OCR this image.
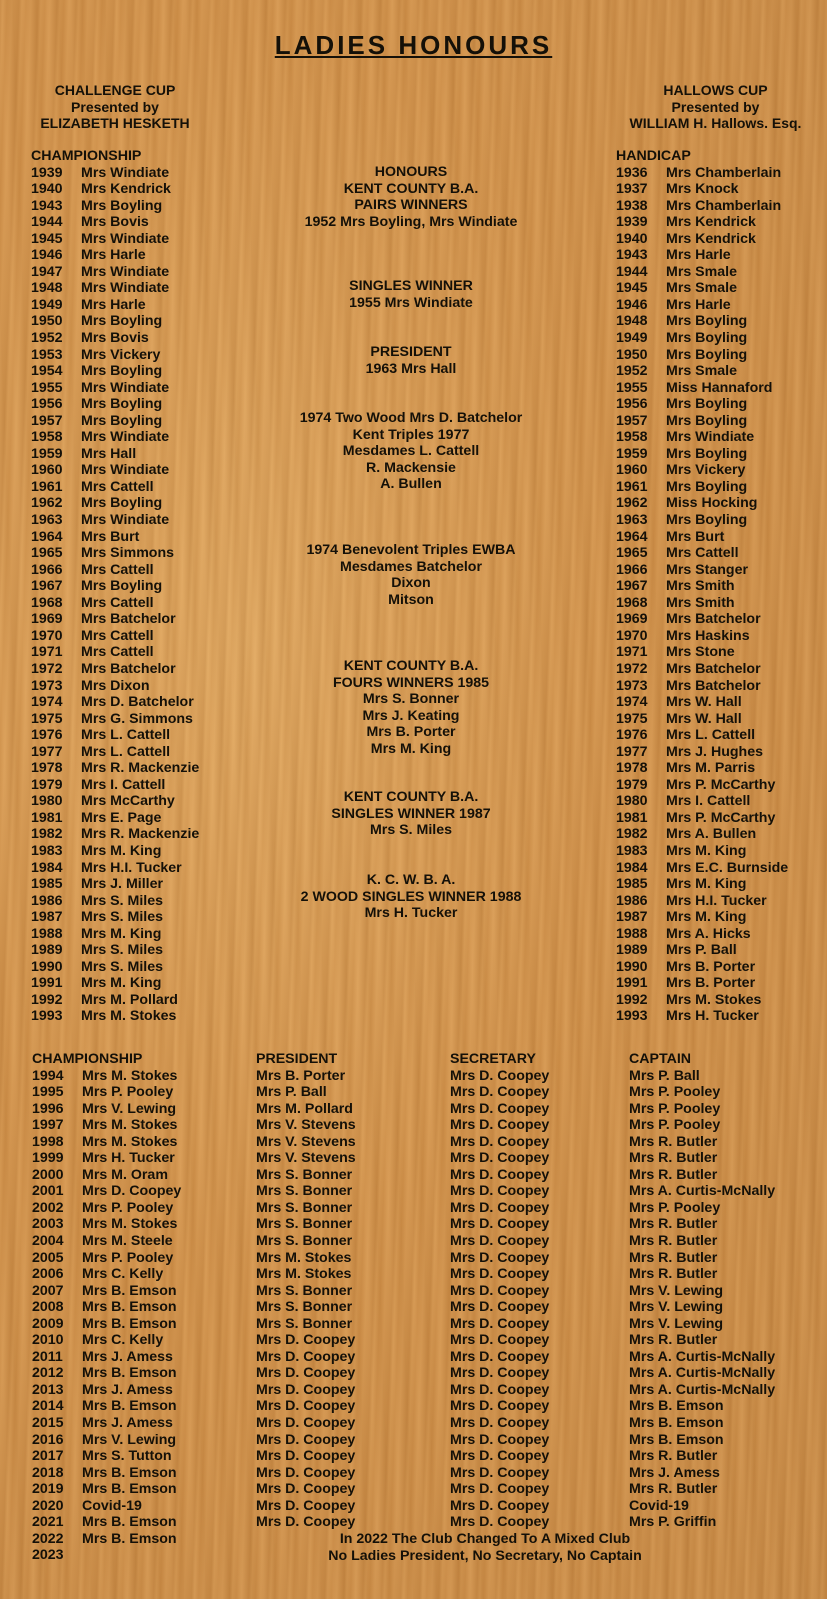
LADIES HONOURS
CHALLENGE CUP
Presented by
ELIZABETH HESKETH
HALLOWS CUP
Presented by
WILLIAM H. Hallows. Esq.
CHAMPIONSHIP
1939 Mrs Windiate
1940 Mrs Kendrick
1943 Mrs Boyling
1944 Mrs Bovis
1945 Mrs Windiate
1946 Mrs Harle
1947 Mrs Windiate
1948 Mrs Windiate
1949 Mrs Harle
1950 Mrs Boyling
1952 Mrs Bovis
1953 Mrs Vickery
1954 Mrs Boyling
1955 Mrs Windiate
1956 Mrs Boyling
1957 Mrs Boyling
1958 Mrs Windiate
1959 Mrs Hall
1960 Mrs Windiate
1961 Mrs Cattell
1962 Mrs Boyling
1963 Mrs Windiate
1964 Mrs Burt
1965 Mrs Simmons
1966 Mrs Cattell
1967 Mrs Boyling
1968 Mrs Cattell
1969 Mrs Batchelor
1970 Mrs Cattell
1971 Mrs Cattell
1972 Mrs Batchelor
1973 Mrs Dixon
1974 Mrs D. Batchelor
1975 Mrs G. Simmons
1976 Mrs L. Cattell
1977 Mrs L. Cattell
1978 Mrs R. Mackenzie
1979 Mrs I. Cattell
1980 Mrs McCarthy
1981 Mrs E. Page
1982 Mrs R. Mackenzie
1983 Mrs M. King
1984 Mrs H.I. Tucker
1985 Mrs J. Miller
1986 Mrs S. Miles
1987 Mrs S. Miles
1988 Mrs M. King
1989 Mrs S. Miles
1990 Mrs S. Miles
1991 Mrs M. King
1992 Mrs M. Pollard
1993 Mrs M. Stokes
HANDICAP
1936 Mrs Chamberlain
1937 Mrs Knock
1938 Mrs Chamberlain
1939 Mrs Kendrick
1940 Mrs Kendrick
1943 Mrs Harle
1944 Mrs Smale
1945 Mrs Smale
1946 Mrs Harle
1948 Mrs Boyling
1949 Mrs Boyling
1950 Mrs Boyling
1952 Mrs Smale
1955 Miss Hannaford
1956 Mrs Boyling
1957 Mrs Boyling
1958 Mrs Windiate
1959 Mrs Boyling
1960 Mrs Vickery
1961 Mrs Boyling
1962 Miss Hocking
1963 Mrs Boyling
1964 Mrs Burt
1965 Mrs Cattell
1966 Mrs Stanger
1967 Mrs Smith
1968 Mrs Smith
1969 Mrs Batchelor
1970 Mrs Haskins
1971 Mrs Stone
1972 Mrs Batchelor
1973 Mrs Batchelor
1974 Mrs W. Hall
1975 Mrs W. Hall
1976 Mrs L. Cattell
1977 Mrs J. Hughes
1978 Mrs M. Parris
1979 Mrs P. McCarthy
1980 Mrs I. Cattell
1981 Mrs P. McCarthy
1982 Mrs A. Bullen
1983 Mrs M. King
1984 Mrs E.C. Burnside
1985 Mrs M. King
1986 Mrs H.I. Tucker
1987 Mrs M. King
1988 Mrs A. Hicks
1989 Mrs P. Ball
1990 Mrs B. Porter
1991 Mrs B. Porter
1992 Mrs M. Stokes
1993 Mrs H. Tucker
HONOURS
KENT COUNTY B.A.
PAIRS WINNERS
1952 Mrs Boyling, Mrs Windiate
SINGLES WINNER
1955 Mrs Windiate
PRESIDENT
1963 Mrs Hall
1974 Two Wood Mrs D. Batchelor
Kent Triples 1977
Mesdames L. Cattell
R. Mackensie
A. Bullen
1974 Benevolent Triples EWBA
Mesdames Batchelor
Dixon
Mitson
KENT COUNTY B.A.
FOURS WINNERS 1985
Mrs S. Bonner
Mrs J. Keating
Mrs B. Porter
Mrs M. King
KENT COUNTY B.A.
SINGLES WINNER 1987
Mrs S. Miles
K. C. W. B. A.
2 WOOD SINGLES WINNER 1988
Mrs H. Tucker
CHAMPIONSHIP	PRESIDENT	SECRETARY	CAPTAIN
1994 Mrs M. Stokes	Mrs B. Porter	Mrs D. Coopey	Mrs P. Ball
1995 Mrs P. Pooley	Mrs P. Ball	Mrs D. Coopey	Mrs P. Pooley
1996 Mrs V. Lewing	Mrs M. Pollard	Mrs D. Coopey	Mrs P. Pooley
1997 Mrs M. Stokes	Mrs V. Stevens	Mrs D. Coopey	Mrs P. Pooley
1998 Mrs M. Stokes	Mrs V. Stevens	Mrs D. Coopey	Mrs R. Butler
1999 Mrs H. Tucker	Mrs V. Stevens	Mrs D. Coopey	Mrs R. Butler
2000 Mrs M. Oram	Mrs S. Bonner	Mrs D. Coopey	Mrs R. Butler
2001 Mrs D. Coopey	Mrs S. Bonner	Mrs D. Coopey	Mrs A. Curtis-McNally
2002 Mrs P. Pooley	Mrs S. Bonner	Mrs D. Coopey	Mrs P. Pooley
2003 Mrs M. Stokes	Mrs S. Bonner	Mrs D. Coopey	Mrs R. Butler
2004 Mrs M. Steele	Mrs S. Bonner	Mrs D. Coopey	Mrs R. Butler
2005 Mrs P. Pooley	Mrs M. Stokes	Mrs D. Coopey	Mrs R. Butler
2006 Mrs C. Kelly	Mrs M. Stokes	Mrs D. Coopey	Mrs R. Butler
2007 Mrs B. Emson	Mrs S. Bonner	Mrs D. Coopey	Mrs V. Lewing
2008 Mrs B. Emson	Mrs S. Bonner	Mrs D. Coopey	Mrs V. Lewing
2009 Mrs B. Emson	Mrs S. Bonner	Mrs D. Coopey	Mrs V. Lewing
2010 Mrs C. Kelly	Mrs D. Coopey	Mrs D. Coopey	Mrs R. Butler
2011 Mrs J. Amess	Mrs D. Coopey	Mrs D. Coopey	Mrs A. Curtis-McNally
2012 Mrs B. Emson	Mrs D. Coopey	Mrs D. Coopey	Mrs A. Curtis-McNally
2013 Mrs J. Amess	Mrs D. Coopey	Mrs D. Coopey	Mrs A. Curtis-McNally
2014 Mrs B. Emson	Mrs D. Coopey	Mrs D. Coopey	Mrs B. Emson
2015 Mrs J. Amess	Mrs D. Coopey	Mrs D. Coopey	Mrs B. Emson
2016 Mrs V. Lewing	Mrs D. Coopey	Mrs D. Coopey	Mrs B. Emson
2017 Mrs S. Tutton	Mrs D. Coopey	Mrs D. Coopey	Mrs R. Butler
2018 Mrs B. Emson	Mrs D. Coopey	Mrs D. Coopey	Mrs J. Amess
2019 Mrs B. Emson	Mrs D. Coopey	Mrs D. Coopey	Mrs R. Butler
2020 Covid-19	Mrs D. Coopey	Mrs D. Coopey	Covid-19
2021 Mrs B. Emson	Mrs D. Coopey	Mrs D. Coopey	Mrs P. Griffin
2022 Mrs B. Emson
2023
In 2022 The Club Changed To A Mixed Club
No Ladies President, No Secretary, No Captain
